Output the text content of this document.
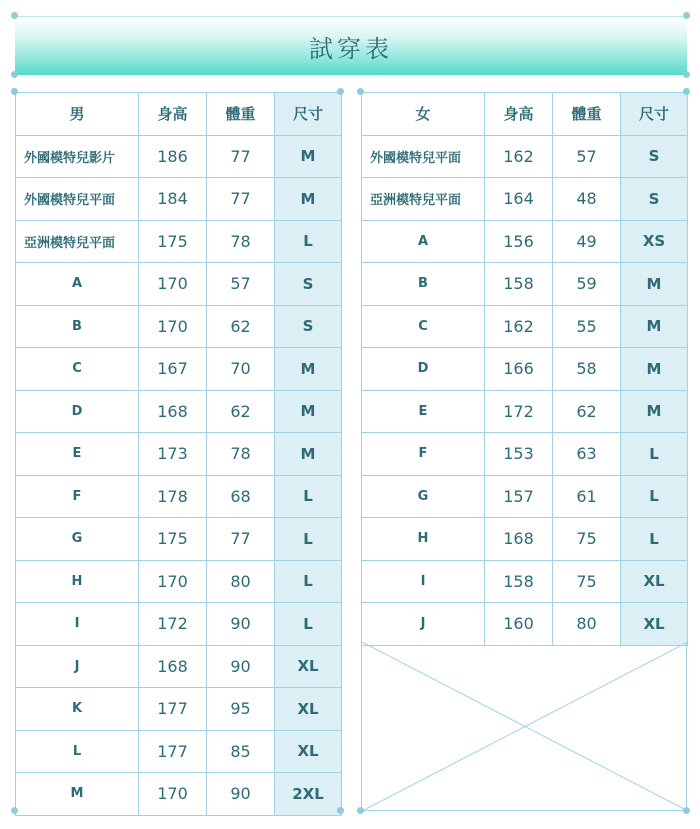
試穿表
男	身高	體重	尺寸
外國模特兒影片	186	77	M
外國模特兒平面	184	77	M
亞洲模特兒平面	175	78	L
A	170	57	S
B	170	62	S
C	167	70	M
D	168	62	M
E	173	78	M
F	178	68	L
G	175	77	L
H	170	80	L
I	172	90	L
J	168	90	XL
K	177	95	XL
L	177	85	XL
M	170	90	2XL
女	身高	體重	尺寸
外國模特兒平面	162	57	S
亞洲模特兒平面	164	48	S
A	156	49	XS
B	158	59	M
C	162	55	M
D	166	58	M
E	172	62	M
F	153	63	L
G	157	61	L
H	168	75	L
I	158	75	XL
J	160	80	XL
